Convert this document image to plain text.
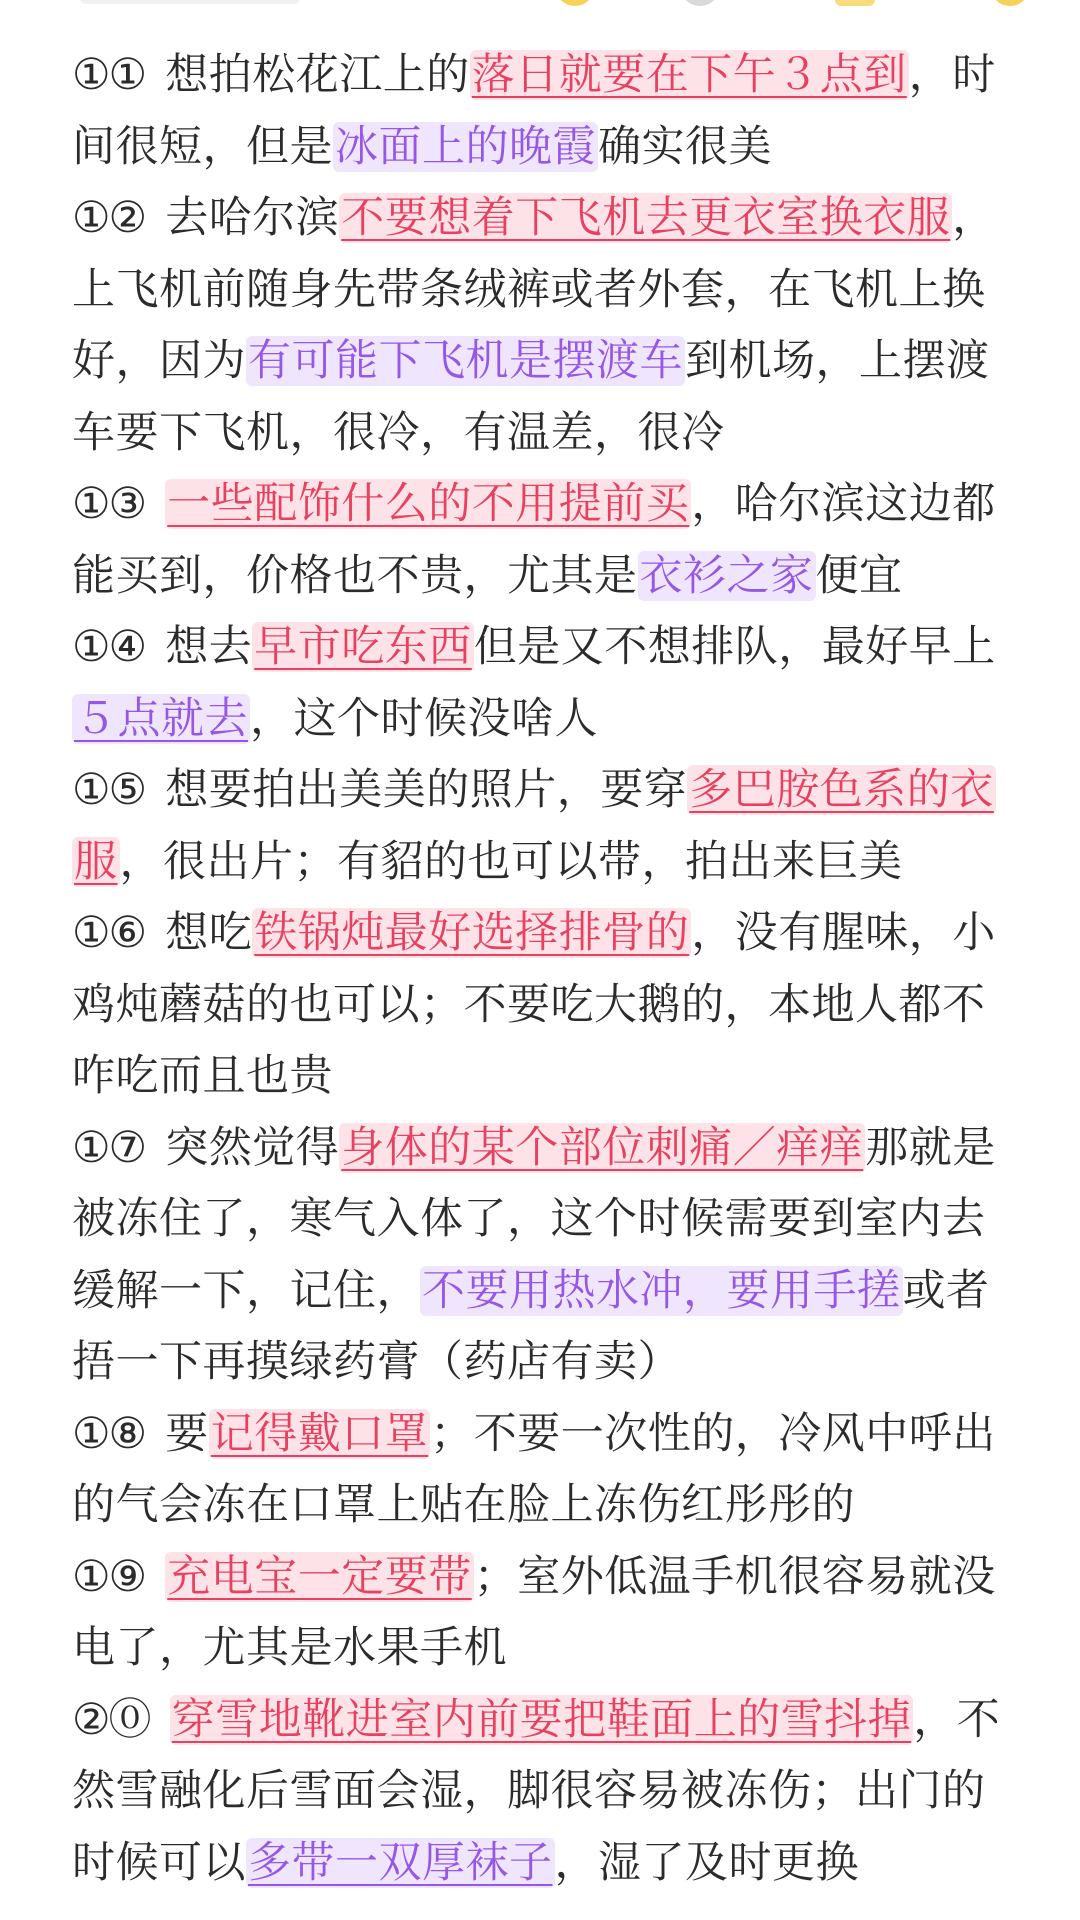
①① 想拍松花江上的落日就要在下午３点到，时间很短，但是冰面上的晚霞确实很美

①② 去哈尔滨不要想着下飞机去更衣室换衣服，上飞机前随身先带条绒裤或者外套，在飞机上换好，因为有可能下飞机是摆渡车到机场，上摆渡车要下飞机，很冷，有温差，很冷

①③ 一些配饰什么的不用提前买，哈尔滨这边都能买到，价格也不贵，尤其是衣衫之家便宜

①④ 想去早市吃东西但是又不想排队，最好早上５点就去，这个时候没啥人

①⑤ 想要拍出美美的照片，要穿多巴胺色系的衣服，很出片；有貂的也可以带，拍出来巨美

①⑥ 想吃铁锅炖最好选择排骨的，没有腥味，小鸡炖蘑菇的也可以；不要吃大鹅的，本地人都不咋吃而且也贵

①⑦ 突然觉得身体的某个部位刺痛／痒痒那就是被冻住了，寒气入体了，这个时候需要到室内去缓解一下，记住，不要用热水冲，要用手搓或者捂一下再摸绿药膏（药店有卖）

①⑧ 要记得戴口罩；不要一次性的，冷风中呼出的气会冻在口罩上贴在脸上冻伤红彤彤的

①⑨ 充电宝一定要带；室外低温手机很容易就没电了，尤其是水果手机

②⓪ 穿雪地靴进室内前要把鞋面上的雪抖掉，不然雪融化后雪面会湿，脚很容易被冻伤；出门的时候可以多带一双厚袜子，湿了及时更换
